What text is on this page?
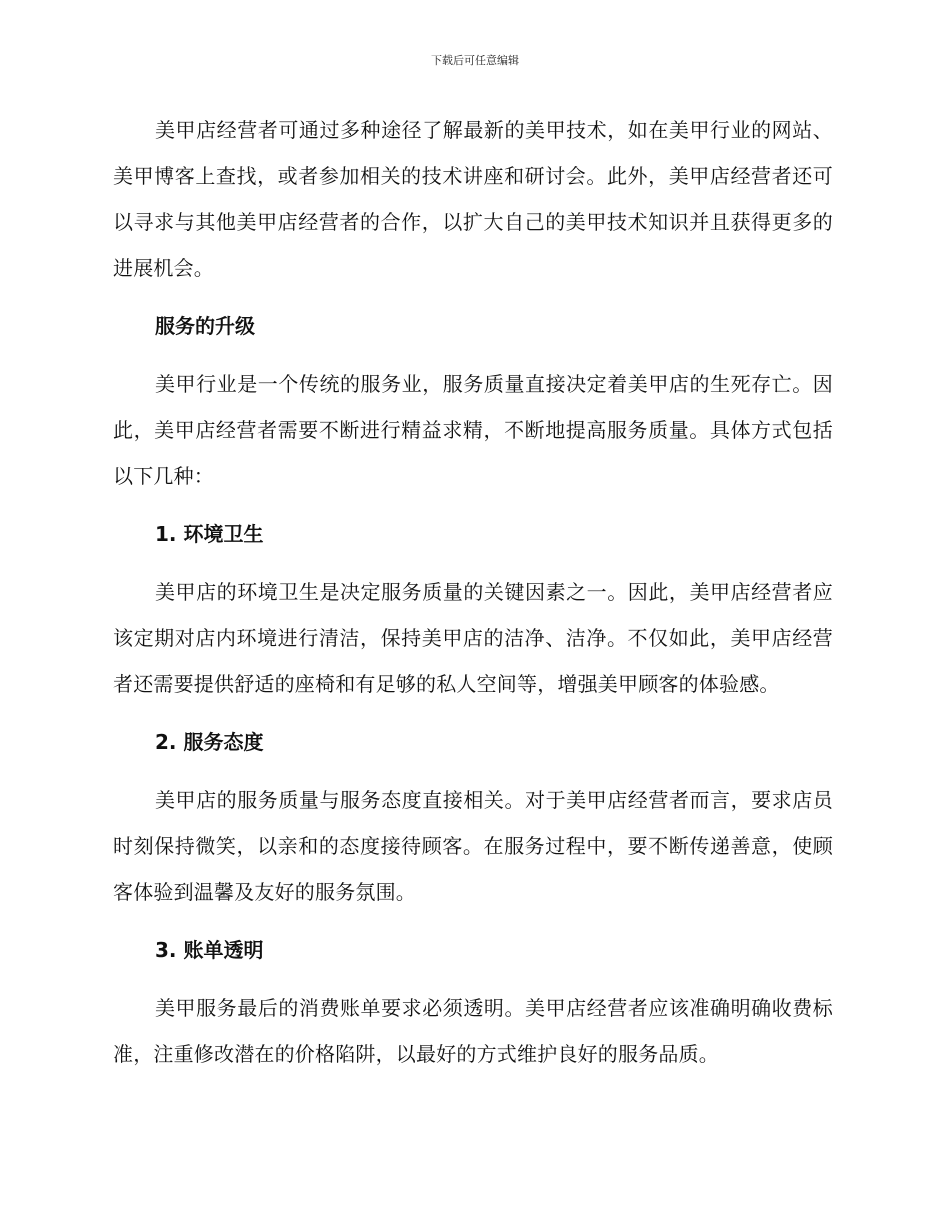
下载后可任意编辑

美甲店经营者可通过多种途径了解最新的美甲技术，如在美甲行业的网站、美甲博客上查找，或者参加相关的技术讲座和研讨会。此外，美甲店经营者还可以寻求与其他美甲店经营者的合作，以扩大自己的美甲技术知识并且获得更多的进展机会。

服务的升级

美甲行业是一个传统的服务业，服务质量直接决定着美甲店的生死存亡。因此，美甲店经营者需要不断进行精益求精，不断地提高服务质量。具体方式包括以下几种：

1. 环境卫生

美甲店的环境卫生是决定服务质量的关键因素之一。因此，美甲店经营者应该定期对店内环境进行清洁，保持美甲店的洁净、洁净。不仅如此，美甲店经营者还需要提供舒适的座椅和有足够的私人空间等，增强美甲顾客的体验感。

2. 服务态度

美甲店的服务质量与服务态度直接相关。对于美甲店经营者而言，要求店员时刻保持微笑，以亲和的态度接待顾客。在服务过程中，要不断传递善意，使顾客体验到温馨及友好的服务氛围。

3. 账单透明

美甲服务最后的消费账单要求必须透明。美甲店经营者应该准确明确收费标准，注重修改潜在的价格陷阱，以最好的方式维护良好的服务品质。
